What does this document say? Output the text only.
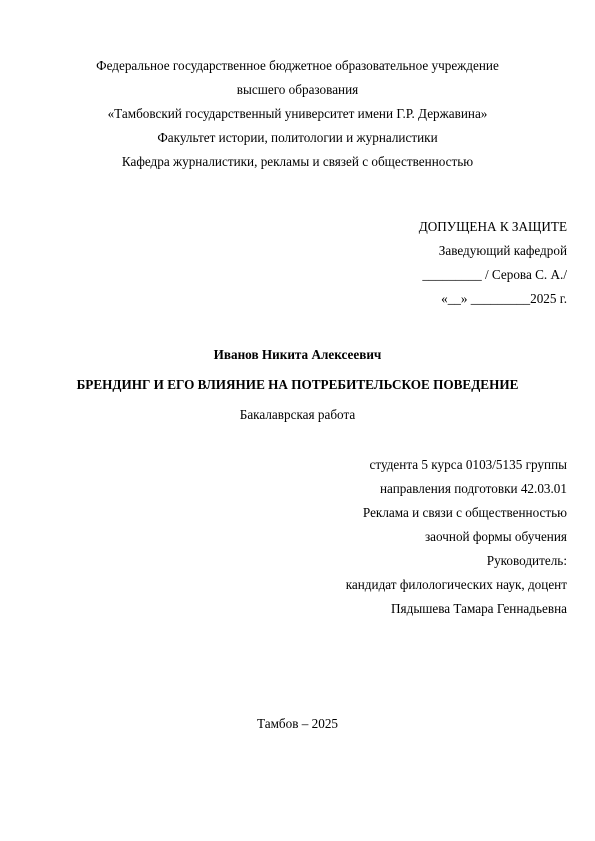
Федеральное государственное бюджетное образовательное учреждение
высшего образования
«Тамбовский государственный университет имени Г.Р. Державина»
Факультет истории, политологии и журналистики
Кафедра журналистики, рекламы и связей с общественностью
ДОПУЩЕНА К ЗАЩИТЕ
Заведующий кафедрой
_________ / Серова С. А./
«__» _________2025 г.
Иванов Никита Алексеевич
БРЕНДИНГ И ЕГО ВЛИЯНИЕ НА ПОТРЕБИТЕЛЬСКОЕ ПОВЕДЕНИЕ
Бакалаврская работа
студента 5 курса 0103/5135 группы
направления подготовки 42.03.01
Реклама и связи с общественностью
заочной формы обучения
Руководитель:
кандидат филологических наук, доцент
Пядышева Тамара Геннадьевна
Тамбов – 2025
